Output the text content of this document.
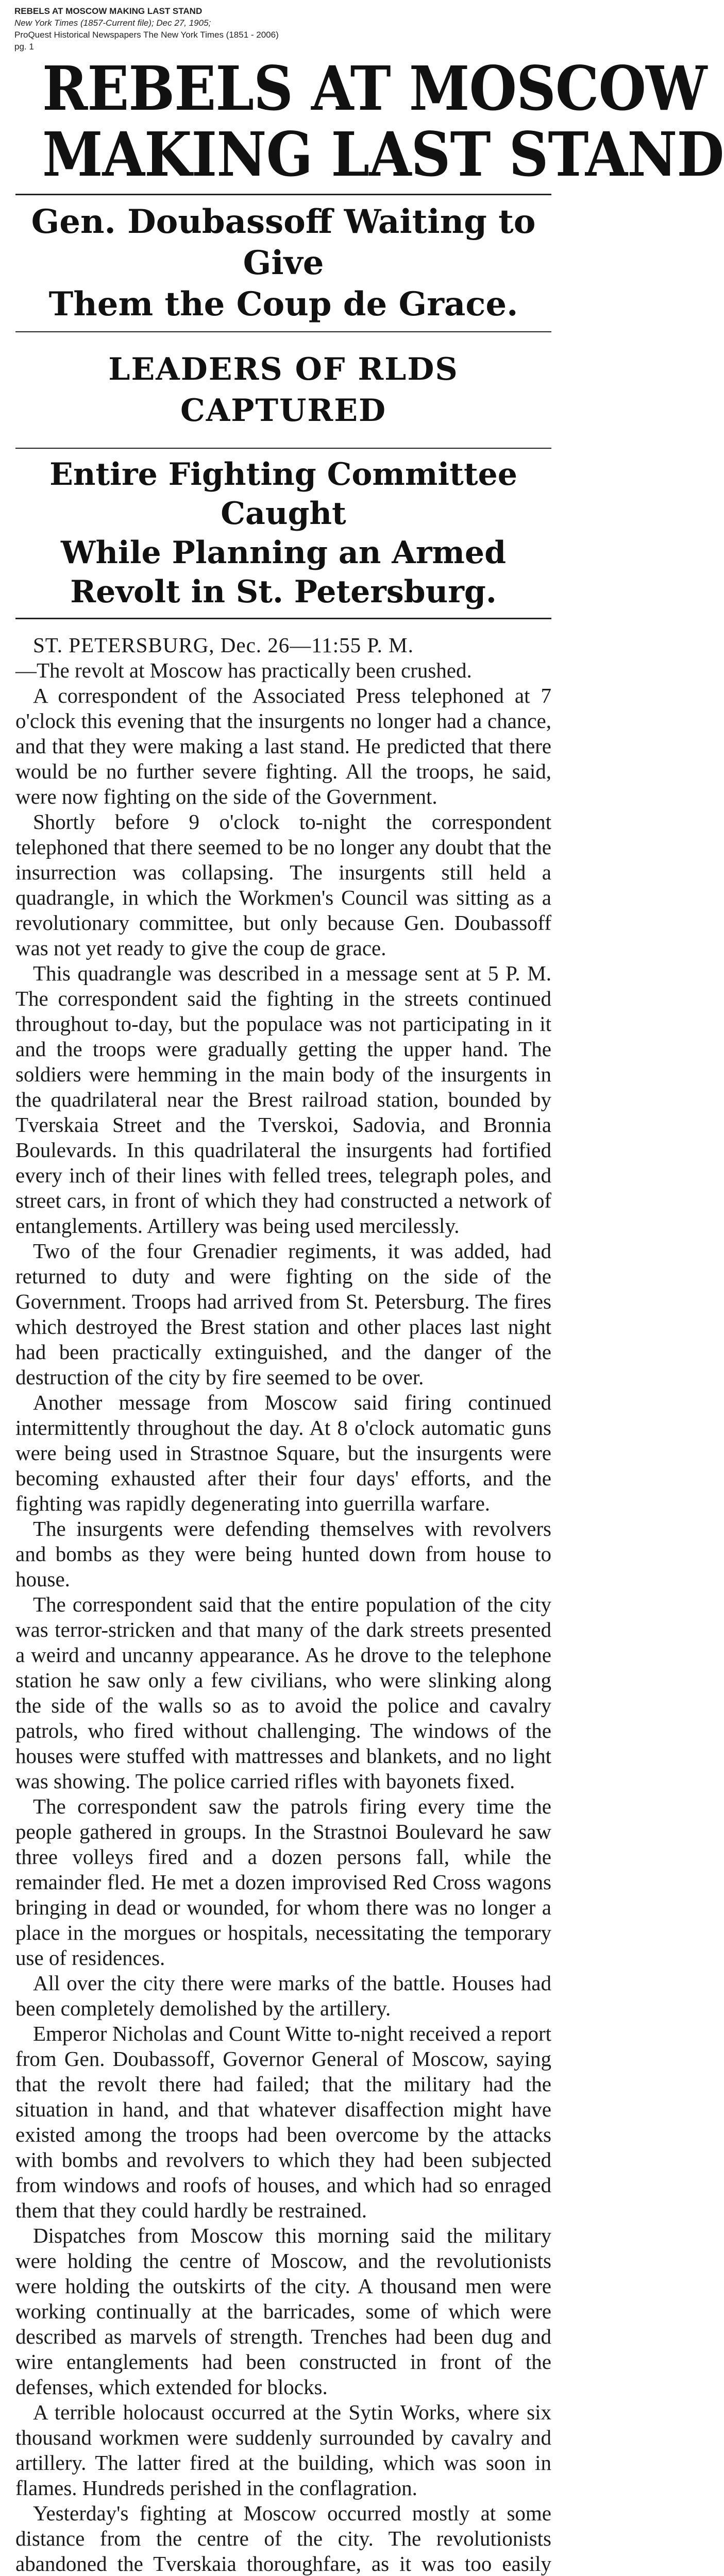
REBELS AT MOSCOW MAKING LAST STAND
New York Times (1857-Current file); Dec 27, 1905;
ProQuest Historical Newspapers The New York Times (1851 - 2006)
pg. 1
REBELS AT MOSCOW
MAKING LAST STAND
Gen. Doubassoff Waiting to Give
Them the Coup de Grace.
LEADERS OF RLDS CAPTURED
Entire Fighting Committee Caught
While Planning an Armed
Revolt in St. Petersburg.

ST. PETERSBURG, Dec. 26—11:55 P. M.

—The revolt at Moscow has practically been crushed.

A correspondent of the Associated Press telephoned at 7 o'clock this evening that the insurgents no longer had a chance, and that they were making a last stand. He predicted that there would be no further severe fighting. All the troops, he said, were now fighting on the side of the Government.

Shortly before 9 o'clock to-night the correspondent telephoned that there seemed to be no longer any doubt that the insurrection was collapsing. The insurgents still held a quadrangle, in which the Workmen's Council was sitting as a revolutionary committee, but only because Gen. Doubassoff was not yet ready to give the coup de grace.

This quadrangle was described in a message sent at 5 P. M. The correspondent said the fighting in the streets continued throughout to-day, but the populace was not participating in it and the troops were gradually getting the upper hand. The soldiers were hemming in the main body of the insurgents in the quadrilateral near the Brest railroad station, bounded by Tverskaia Street and the Tverskoi, Sadovia, and Bronnia Boulevards. In this quadrilateral the insurgents had fortified every inch of their lines with felled trees, telegraph poles, and street cars, in front of which they had constructed a network of entanglements. Artillery was being used mercilessly.

Two of the four Grenadier regiments, it was added, had returned to duty and were fighting on the side of the Government. Troops had arrived from St. Petersburg. The fires which destroyed the Brest station and other places last night had been practically extinguished, and the danger of the destruction of the city by fire seemed to be over.

Another message from Moscow said firing continued intermittently throughout the day. At 8 o'clock automatic guns were being used in Strastnoe Square, but the insurgents were becoming exhausted after their four days' efforts, and the fighting was rapidly degenerating into guerrilla warfare.

The insurgents were defending themselves with revolvers and bombs as they were being hunted down from house to house.

The correspondent said that the entire population of the city was terror-stricken and that many of the dark streets presented a weird and uncanny appearance. As he drove to the telephone station he saw only a few civilians, who were slinking along the side of the walls so as to avoid the police and cavalry patrols, who fired without challenging. The windows of the houses were stuffed with mattresses and blankets, and no light was showing. The police carried rifles with bayonets fixed.

The correspondent saw the patrols firing every time the people gathered in groups. In the Strastnoi Boulevard he saw three volleys fired and a dozen persons fall, while the remainder fled. He met a dozen improvised Red Cross wagons bringing in dead or wounded, for whom there was no longer a place in the morgues or hospitals, necessitating the temporary use of residences.

All over the city there were marks of the battle. Houses had been completely demolished by the artillery.

Emperor Nicholas and Count Witte to-night received a report from Gen. Doubassoff, Governor General of Moscow, saying that the revolt there had failed; that the military had the situation in hand, and that whatever disaffection might have existed among the troops had been overcome by the attacks with bombs and revolvers to which they had been subjected from windows and roofs of houses, and which had so enraged them that they could hardly be restrained.

Dispatches from Moscow this morning said the military were holding the centre of Moscow, and the revolutionists were holding the outskirts of the city. A thousand men were working continually at the barricades, some of which were described as marvels of strength. Trenches had been dug and wire entanglements had been constructed in front of the defenses, which extended for blocks.

A terrible holocaust occurred at the Sytin Works, where six thousand workmen were suddenly surrounded by cavalry and artillery. The latter fired at the building, which was soon in flames. Hundreds perished in the conflagration.

Yesterday's fighting at Moscow occurred mostly at some distance from the centre of the city. The revolutionists abandoned the Tverskaia thoroughfare, as it was too easily
